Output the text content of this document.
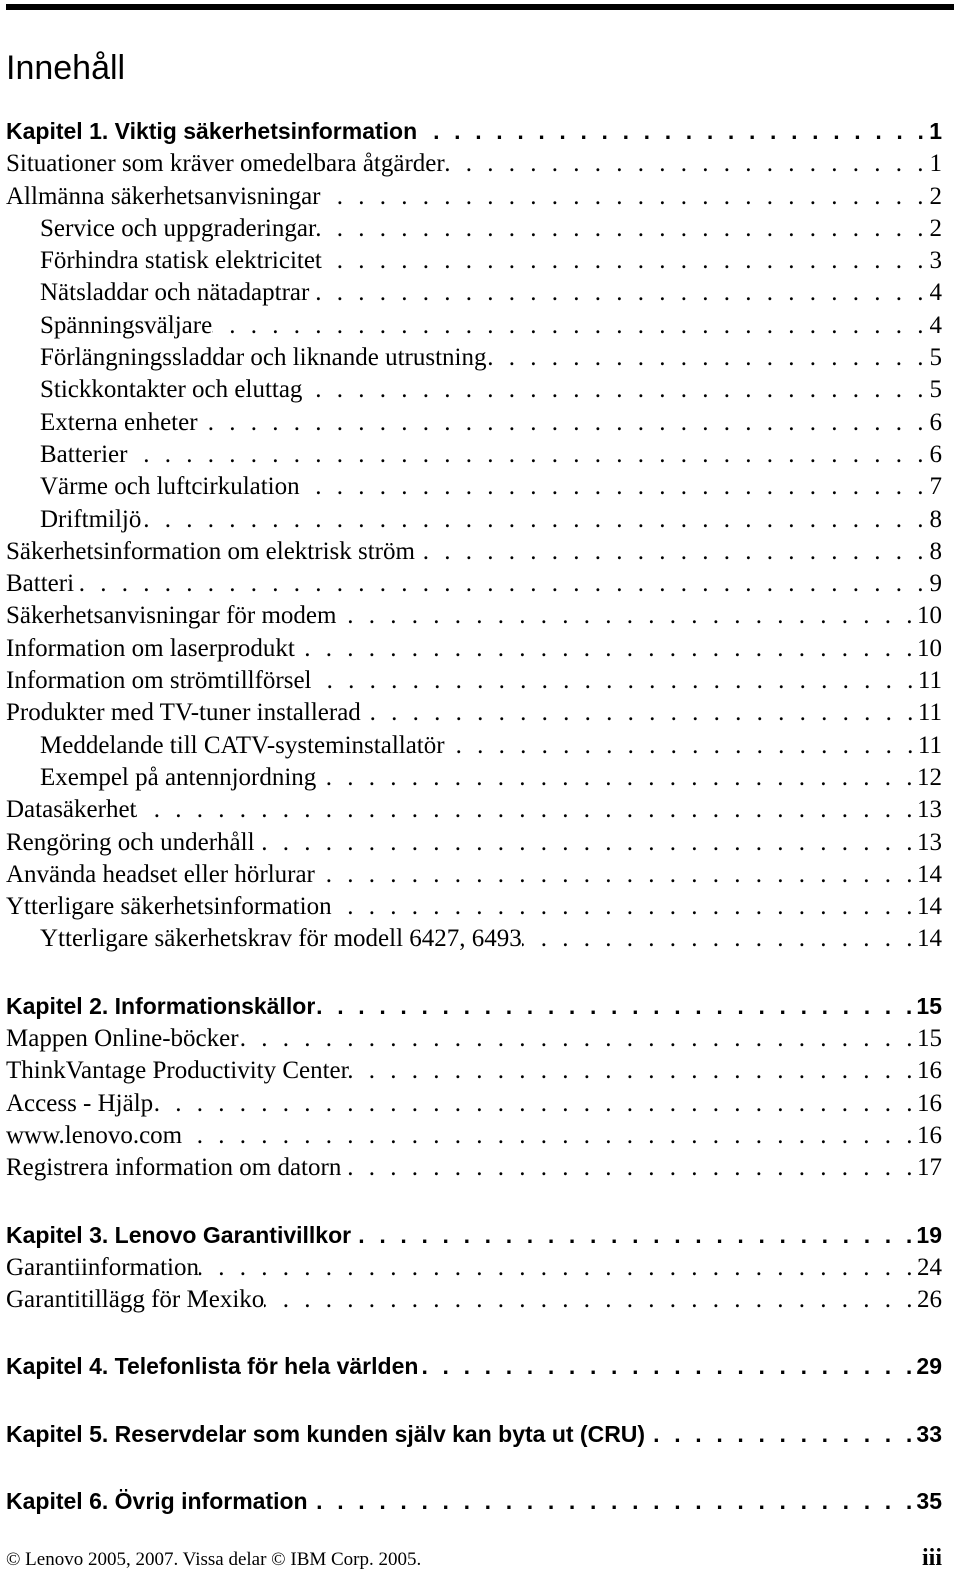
Innehåll
Kapitel 1. Viktig säkerhetsinformation . . .	1
Situationer som kräver omedelbara åtgärder . . .	1
Allmänna säkerhetsanvisningar . . .	2
Service och uppgraderingar . . .	2
Förhindra statisk elektricitet . . .	3
Nätsladdar och nätadaptrar . . .	4
Spänningsväljare . . .	4
Förlängningssladdar och liknande utrustning . . .	5
Stickkontakter och eluttag . . .	5
Externa enheter . . .	6
Batterier . . .	6
Värme och luftcirkulation . . .	7
Driftmiljö . . .	8
Säkerhetsinformation om elektrisk ström . . .	8
Batteri . . .	9
Säkerhetsanvisningar för modem . . .	10
Information om laserprodukt . . .	10
Information om strömtillförsel . . .	11
Produkter med TV-tuner installerad . . .	11
Meddelande till CATV-systeminstallatör . . .	11
Exempel på antennjordning . . .	12
Datasäkerhet . . .	13
Rengöring och underhåll . . .	13
Använda headset eller hörlurar . . .	14
Ytterligare säkerhetsinformation . . .	14
Ytterligare säkerhetskrav för modell 6427, 6493 . . .	14
Kapitel 2. Informationskällor . . .	15
Mappen Online-böcker . . .	15
ThinkVantage Productivity Center . . .	16
Access - Hjälp . . .	16
www.lenovo.com . . .	16
Registrera information om datorn . . .	17
Kapitel 3. Lenovo Garantivillkor . . .	19
Garantiinformation . . .	24
Garantitillägg för Mexiko . . .	26
Kapitel 4. Telefonlista för hela världen . . .	29
Kapitel 5. Reservdelar som kunden själv kan byta ut (CRU) . . .	33
Kapitel 6. Övrig information . . .	35
© Lenovo 2005, 2007. Vissa delar © IBM Corp. 2005.	iii
